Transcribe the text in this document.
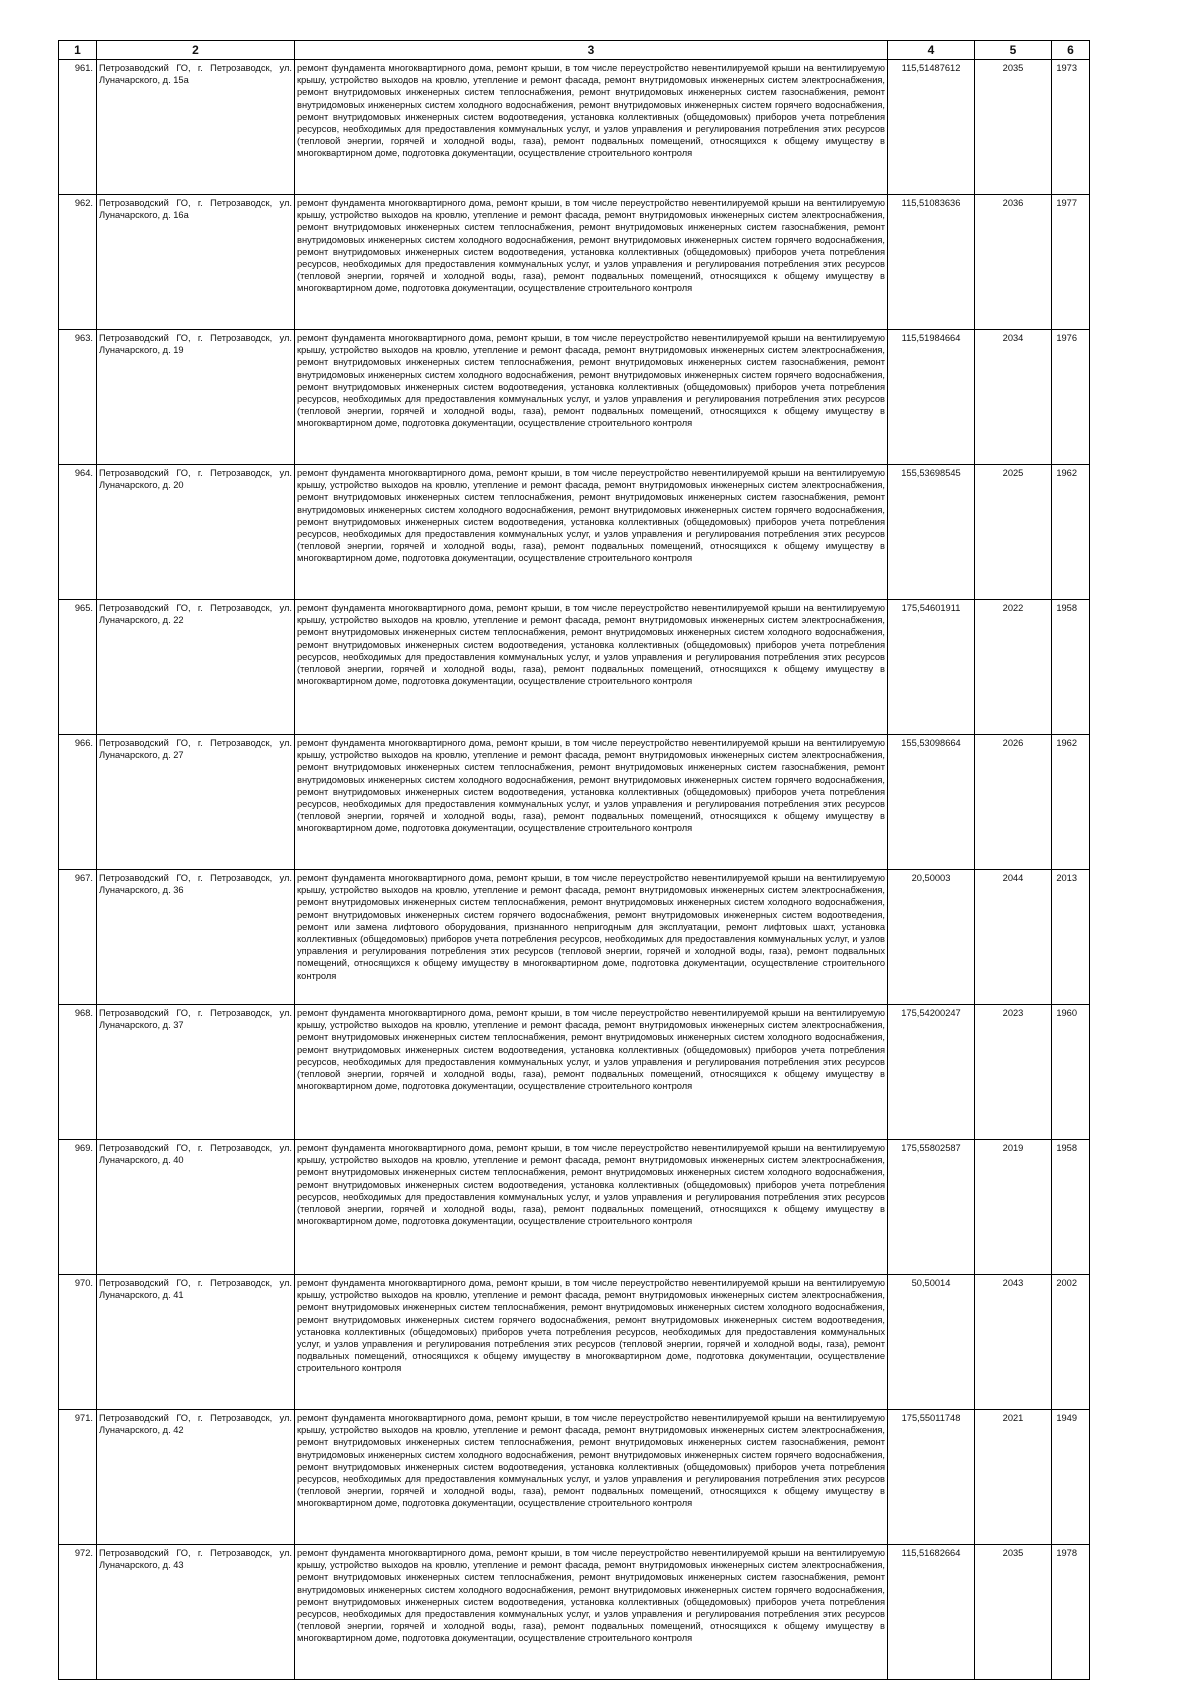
1	2	3	4	5	6
961.	Петрозаводский ГО, г. Петрозаводск, ул. Луначарского, д. 15а	ремонт фундамента многоквартирного дома, ремонт крыши, в том числе переустройство невентилируемой крыши на вентилируемую крышу, устройство выходов на кровлю, утепление и ремонт фасада, ремонт внутридомовых инженерных систем электроснабжения, ремонт внутридомовых инженерных систем теплоснабжения, ремонт внутридомовых инженерных систем газоснабжения, ремонт внутридомовых инженерных систем холодного водоснабжения, ремонт внутридомовых инженерных систем горячего водоснабжения, ремонт внутридомовых инженерных систем водоотведения, установка коллективных (общедомовых) приборов учета потребления ресурсов, необходимых для предоставления коммунальных услуг, и узлов управления и регулирования потребления этих ресурсов (тепловой энергии, горячей и холодной воды, газа), ремонт подвальных помещений, относящихся к общему имуществу в многоквартирном доме, подготовка документации, осуществление строительного контроля	115,51487612	2035	1973
962.	Петрозаводский ГО, г. Петрозаводск, ул. Луначарского, д. 16а	ремонт фундамента многоквартирного дома, ремонт крыши, в том числе переустройство невентилируемой крыши на вентилируемую крышу, устройство выходов на кровлю, утепление и ремонт фасада, ремонт внутридомовых инженерных систем электроснабжения, ремонт внутридомовых инженерных систем теплоснабжения, ремонт внутридомовых инженерных систем газоснабжения, ремонт внутридомовых инженерных систем холодного водоснабжения, ремонт внутридомовых инженерных систем горячего водоснабжения, ремонт внутридомовых инженерных систем водоотведения, установка коллективных (общедомовых) приборов учета потребления ресурсов, необходимых для предоставления коммунальных услуг, и узлов управления и регулирования потребления этих ресурсов (тепловой энергии, горячей и холодной воды, газа), ремонт подвальных помещений, относящихся к общему имуществу в многоквартирном доме, подготовка документации, осуществление строительного контроля	115,51083636	2036	1977
963.	Петрозаводский ГО, г. Петрозаводск, ул. Луначарского, д. 19	ремонт фундамента многоквартирного дома, ремонт крыши, в том числе переустройство невентилируемой крыши на вентилируемую крышу, устройство выходов на кровлю, утепление и ремонт фасада, ремонт внутридомовых инженерных систем электроснабжения, ремонт внутридомовых инженерных систем теплоснабжения, ремонт внутридомовых инженерных систем газоснабжения, ремонт внутридомовых инженерных систем холодного водоснабжения, ремонт внутридомовых инженерных систем горячего водоснабжения, ремонт внутридомовых инженерных систем водоотведения, установка коллективных (общедомовых) приборов учета потребления ресурсов, необходимых для предоставления коммунальных услуг, и узлов управления и регулирования потребления этих ресурсов (тепловой энергии, горячей и холодной воды, газа), ремонт подвальных помещений, относящихся к общему имуществу в многоквартирном доме, подготовка документации, осуществление строительного контроля	115,51984664	2034	1976
964.	Петрозаводский ГО, г. Петрозаводск, ул. Луначарского, д. 20	ремонт фундамента многоквартирного дома, ремонт крыши, в том числе переустройство невентилируемой крыши на вентилируемую крышу, устройство выходов на кровлю, утепление и ремонт фасада, ремонт внутридомовых инженерных систем электроснабжения, ремонт внутридомовых инженерных систем теплоснабжения, ремонт внутридомовых инженерных систем газоснабжения, ремонт внутридомовых инженерных систем холодного водоснабжения, ремонт внутридомовых инженерных систем горячего водоснабжения, ремонт внутридомовых инженерных систем водоотведения, установка коллективных (общедомовых) приборов учета потребления ресурсов, необходимых для предоставления коммунальных услуг, и узлов управления и регулирования потребления этих ресурсов (тепловой энергии, горячей и холодной воды, газа), ремонт подвальных помещений, относящихся к общему имуществу в многоквартирном доме, подготовка документации, осуществление строительного контроля	155,53698545	2025	1962
965.	Петрозаводский ГО, г. Петрозаводск, ул. Луначарского, д. 22	ремонт фундамента многоквартирного дома, ремонт крыши, в том числе переустройство невентилируемой крыши на вентилируемую крышу, устройство выходов на кровлю, утепление и ремонт фасада, ремонт внутридомовых инженерных систем электроснабжения, ремонт внутридомовых инженерных систем теплоснабжения, ремонт внутридомовых инженерных систем холодного водоснабжения, ремонт внутридомовых инженерных систем водоотведения, установка коллективных (общедомовых) приборов учета потребления ресурсов, необходимых для предоставления коммунальных услуг, и узлов управления и регулирования потребления этих ресурсов (тепловой энергии, горячей и холодной воды, газа), ремонт подвальных помещений, относящихся к общему имуществу в многоквартирном доме, подготовка документации, осуществление строительного контроля	175,54601911	2022	1958
966.	Петрозаводский ГО, г. Петрозаводск, ул. Луначарского, д. 27	ремонт фундамента многоквартирного дома, ремонт крыши, в том числе переустройство невентилируемой крыши на вентилируемую крышу, устройство выходов на кровлю, утепление и ремонт фасада, ремонт внутридомовых инженерных систем электроснабжения, ремонт внутридомовых инженерных систем теплоснабжения, ремонт внутридомовых инженерных систем газоснабжения, ремонт внутридомовых инженерных систем холодного водоснабжения, ремонт внутридомовых инженерных систем горячего водоснабжения, ремонт внутридомовых инженерных систем водоотведения, установка коллективных (общедомовых) приборов учета потребления ресурсов, необходимых для предоставления коммунальных услуг, и узлов управления и регулирования потребления этих ресурсов (тепловой энергии, горячей и холодной воды, газа), ремонт подвальных помещений, относящихся к общему имуществу в многоквартирном доме, подготовка документации, осуществление строительного контроля	155,53098664	2026	1962
967.	Петрозаводский ГО, г. Петрозаводск, ул. Луначарского, д. 36	ремонт фундамента многоквартирного дома, ремонт крыши, в том числе переустройство невентилируемой крыши на вентилируемую крышу, устройство выходов на кровлю, утепление и ремонт фасада, ремонт внутридомовых инженерных систем электроснабжения, ремонт внутридомовых инженерных систем теплоснабжения, ремонт внутридомовых инженерных систем холодного водоснабжения, ремонт внутридомовых инженерных систем горячего водоснабжения, ремонт внутридомовых инженерных систем водоотведения, ремонт или замена лифтового оборудования, признанного непригодным для эксплуатации, ремонт лифтовых шахт, установка коллективных (общедомовых) приборов учета потребления ресурсов, необходимых для предоставления коммунальных услуг, и узлов управления и регулирования потребления этих ресурсов (тепловой энергии, горячей и холодной воды, газа), ремонт подвальных помещений, относящихся к общему имуществу в многоквартирном доме, подготовка документации, осуществление строительного контроля	20,50003	2044	2013
968.	Петрозаводский ГО, г. Петрозаводск, ул. Луначарского, д. 37	ремонт фундамента многоквартирного дома, ремонт крыши, в том числе переустройство невентилируемой крыши на вентилируемую крышу, устройство выходов на кровлю, утепление и ремонт фасада, ремонт внутридомовых инженерных систем электроснабжения, ремонт внутридомовых инженерных систем теплоснабжения, ремонт внутридомовых инженерных систем холодного водоснабжения, ремонт внутридомовых инженерных систем водоотведения, установка коллективных (общедомовых) приборов учета потребления ресурсов, необходимых для предоставления коммунальных услуг, и узлов управления и регулирования потребления этих ресурсов (тепловой энергии, горячей и холодной воды, газа), ремонт подвальных помещений, относящихся к общему имуществу в многоквартирном доме, подготовка документации, осуществление строительного контроля	175,54200247	2023	1960
969.	Петрозаводский ГО, г. Петрозаводск, ул. Луначарского, д. 40	ремонт фундамента многоквартирного дома, ремонт крыши, в том числе переустройство невентилируемой крыши на вентилируемую крышу, устройство выходов на кровлю, утепление и ремонт фасада, ремонт внутридомовых инженерных систем электроснабжения, ремонт внутридомовых инженерных систем теплоснабжения, ремонт внутридомовых инженерных систем холодного водоснабжения, ремонт внутридомовых инженерных систем водоотведения, установка коллективных (общедомовых) приборов учета потребления ресурсов, необходимых для предоставления коммунальных услуг, и узлов управления и регулирования потребления этих ресурсов (тепловой энергии, горячей и холодной воды, газа), ремонт подвальных помещений, относящихся к общему имуществу в многоквартирном доме, подготовка документации, осуществление строительного контроля	175,55802587	2019	1958
970.	Петрозаводский ГО, г. Петрозаводск, ул. Луначарского, д. 41	ремонт фундамента многоквартирного дома, ремонт крыши, в том числе переустройство невентилируемой крыши на вентилируемую крышу, устройство выходов на кровлю, утепление и ремонт фасада, ремонт внутридомовых инженерных систем электроснабжения, ремонт внутридомовых инженерных систем теплоснабжения, ремонт внутридомовых инженерных систем холодного водоснабжения, ремонт внутридомовых инженерных систем горячего водоснабжения, ремонт внутридомовых инженерных систем водоотведения, установка коллективных (общедомовых) приборов учета потребления ресурсов, необходимых для предоставления коммунальных услуг, и узлов управления и регулирования потребления этих ресурсов (тепловой энергии, горячей и холодной воды, газа), ремонт подвальных помещений, относящихся к общему имуществу в многоквартирном доме, подготовка документации, осуществление строительного контроля	50,50014	2043	2002
971.	Петрозаводский ГО, г. Петрозаводск, ул. Луначарского, д. 42	ремонт фундамента многоквартирного дома, ремонт крыши, в том числе переустройство невентилируемой крыши на вентилируемую крышу, устройство выходов на кровлю, утепление и ремонт фасада, ремонт внутридомовых инженерных систем электроснабжения, ремонт внутридомовых инженерных систем теплоснабжения, ремонт внутридомовых инженерных систем газоснабжения, ремонт внутридомовых инженерных систем холодного водоснабжения, ремонт внутридомовых инженерных систем горячего водоснабжения, ремонт внутридомовых инженерных систем водоотведения, установка коллективных (общедомовых) приборов учета потребления ресурсов, необходимых для предоставления коммунальных услуг, и узлов управления и регулирования потребления этих ресурсов (тепловой энергии, горячей и холодной воды, газа), ремонт подвальных помещений, относящихся к общему имуществу в многоквартирном доме, подготовка документации, осуществление строительного контроля	175,55011748	2021	1949
972.	Петрозаводский ГО, г. Петрозаводск, ул. Луначарского, д. 43	ремонт фундамента многоквартирного дома, ремонт крыши, в том числе переустройство невентилируемой крыши на вентилируемую крышу, устройство выходов на кровлю, утепление и ремонт фасада, ремонт внутридомовых инженерных систем электроснабжения, ремонт внутридомовых инженерных систем теплоснабжения, ремонт внутридомовых инженерных систем газоснабжения, ремонт внутридомовых инженерных систем холодного водоснабжения, ремонт внутридомовых инженерных систем горячего водоснабжения, ремонт внутридомовых инженерных систем водоотведения, установка коллективных (общедомовых) приборов учета потребления ресурсов, необходимых для предоставления коммунальных услуг, и узлов управления и регулирования потребления этих ресурсов (тепловой энергии, горячей и холодной воды, газа), ремонт подвальных помещений, относящихся к общему имуществу в многоквартирном доме, подготовка документации, осуществление строительного контроля	115,51682664	2035	1978
